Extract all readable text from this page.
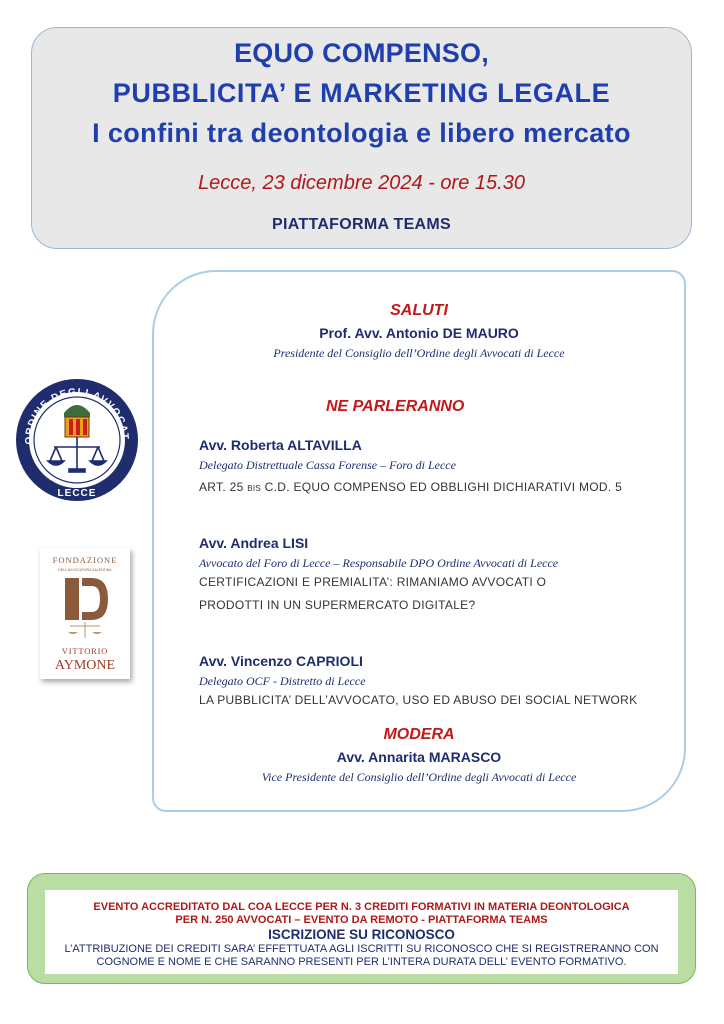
EQUO COMPENSO,
PUBBLICITA’ E MARKETING LEGALE
I confini tra deontologia e libero mercato
Lecce, 23 dicembre 2024 - ore 15.30
PIATTAFORMA TEAMS
SALUTI
Prof. Avv. Antonio DE MAURO
Presidente del Consiglio dell’Ordine degli Avvocati di Lecce
NE PARLERANNO
Avv. Roberta ALTAVILLA
Delegato Distrettuale Cassa Forense – Foro di Lecce
ART. 25 BIS C.D. EQUO COMPENSO ED OBBLIGHI DICHIARATIVI MOD. 5
Avv. Andrea LISI
Avvocato del Foro di Lecce – Responsabile DPO Ordine Avvocati di Lecce
CERTIFICAZIONI E PREMIALITA’: RIMANIAMO AVVOCATI O
PRODOTTI IN UN SUPERMERCATO DIGITALE?
Avv. Vincenzo CAPRIOLI
Delegato OCF - Distretto di Lecce
LA PUBBLICITA’ DELL’AVVOCATO, USO ED ABUSO DEI SOCIAL NETWORK
MODERA
Avv. Annarita MARASCO
Vice Presidente del Consiglio dell’Ordine degli Avvocati di Lecce
ORDINE DEGLI AVVOCAT
LECCE
FONDAZIONE
DELL'AVVOCATURA SALENTINA
VITTORIO
AYMONE

EVENTO ACCREDITATO DAL COA LECCE PER N. 3 CREDITI FORMATIVI IN MATERIA DEONTOLOGICA

PER N. 250 AVVOCATI – EVENTO DA REMOTO - PIATTAFORMA TEAMS

ISCRIZIONE SU RICONOSCO

L’ATTRIBUZIONE DEI CREDITI SARA’ EFFETTUATA AGLI ISCRITTI SU RICONOSCO CHE SI REGISTRERANNO CON

COGNOME E NOME E CHE SARANNO PRESENTI PER L’INTERA DURATA DELL’ EVENTO FORMATIVO.
